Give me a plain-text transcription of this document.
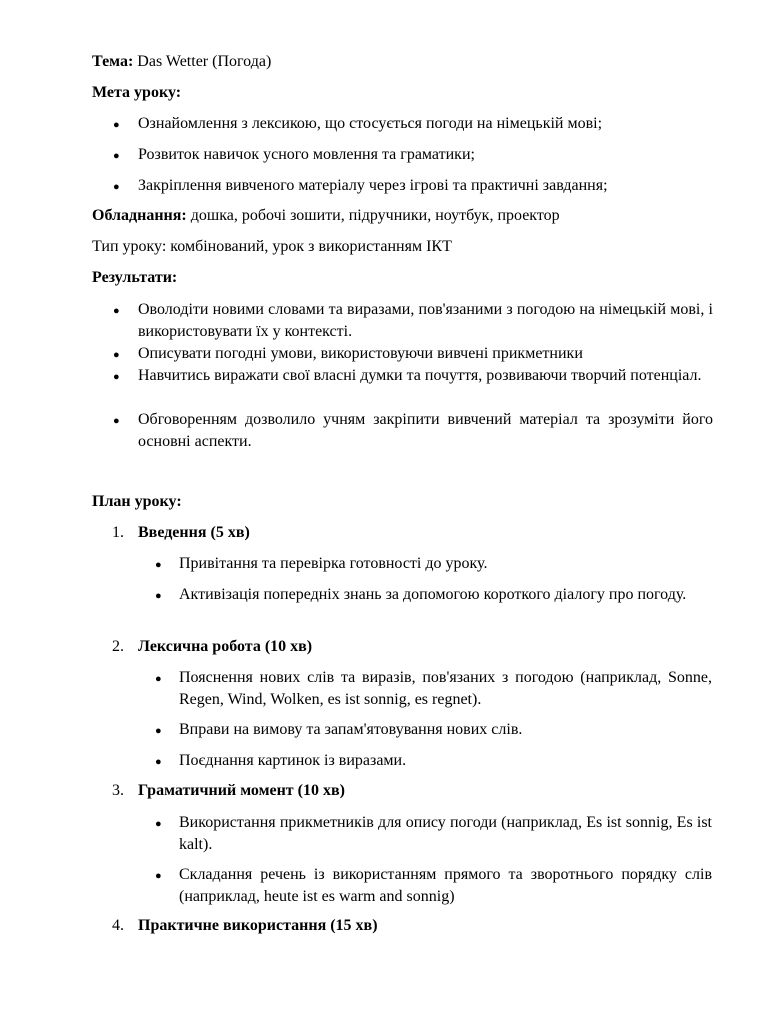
Тема: Das Wetter (Погода)

Мета уроку:

● Ознайомлення з лексикою, що стосується погоди на німецькій мові;

● Розвиток навичок усного мовлення та граматики;

● Закріплення вивченого матеріалу через ігрові та практичні завдання;

Обладнання: дошка, робочі зошити, підручники, ноутбук, проектор

Тип уроку: комбінований, урок з використанням ІКТ

Результати:

● Оволодіти новими словами та виразами, пов'язаними з погодою на німецькій мові, і використовувати їх у контексті.

● Описувати погодні умови, використовуючи вивчені прикметники

● Навчитись виражати свої власні думки та почуття, розвиваючи творчий потенціал.

● Обговоренням дозволило учням закріпити вивчений матеріал та зрозуміти його основні аспекти.

План уроку:

1. Введення (5 хв)

● Привітання та перевірка готовності до уроку.

● Активізація попередніх знань за допомогою короткого діалогу про погоду.

2. Лексична робота (10 хв)

● Пояснення нових слів та виразів, пов'язаних з погодою (наприклад, Sonne, Regen, Wind, Wolken, es ist sonnig, es regnet).

● Вправи на вимову та запам'ятовування нових слів.

● Поєднання картинок із виразами.

3. Граматичний момент (10 хв)

● Використання прикметників для опису погоди (наприклад, Es ist sonnig, Es ist kalt).

● Складання речень із використанням прямого та зворотнього порядку слів (наприклад, heute ist es warm and sonnig)

4. Практичне використання (15 хв)
